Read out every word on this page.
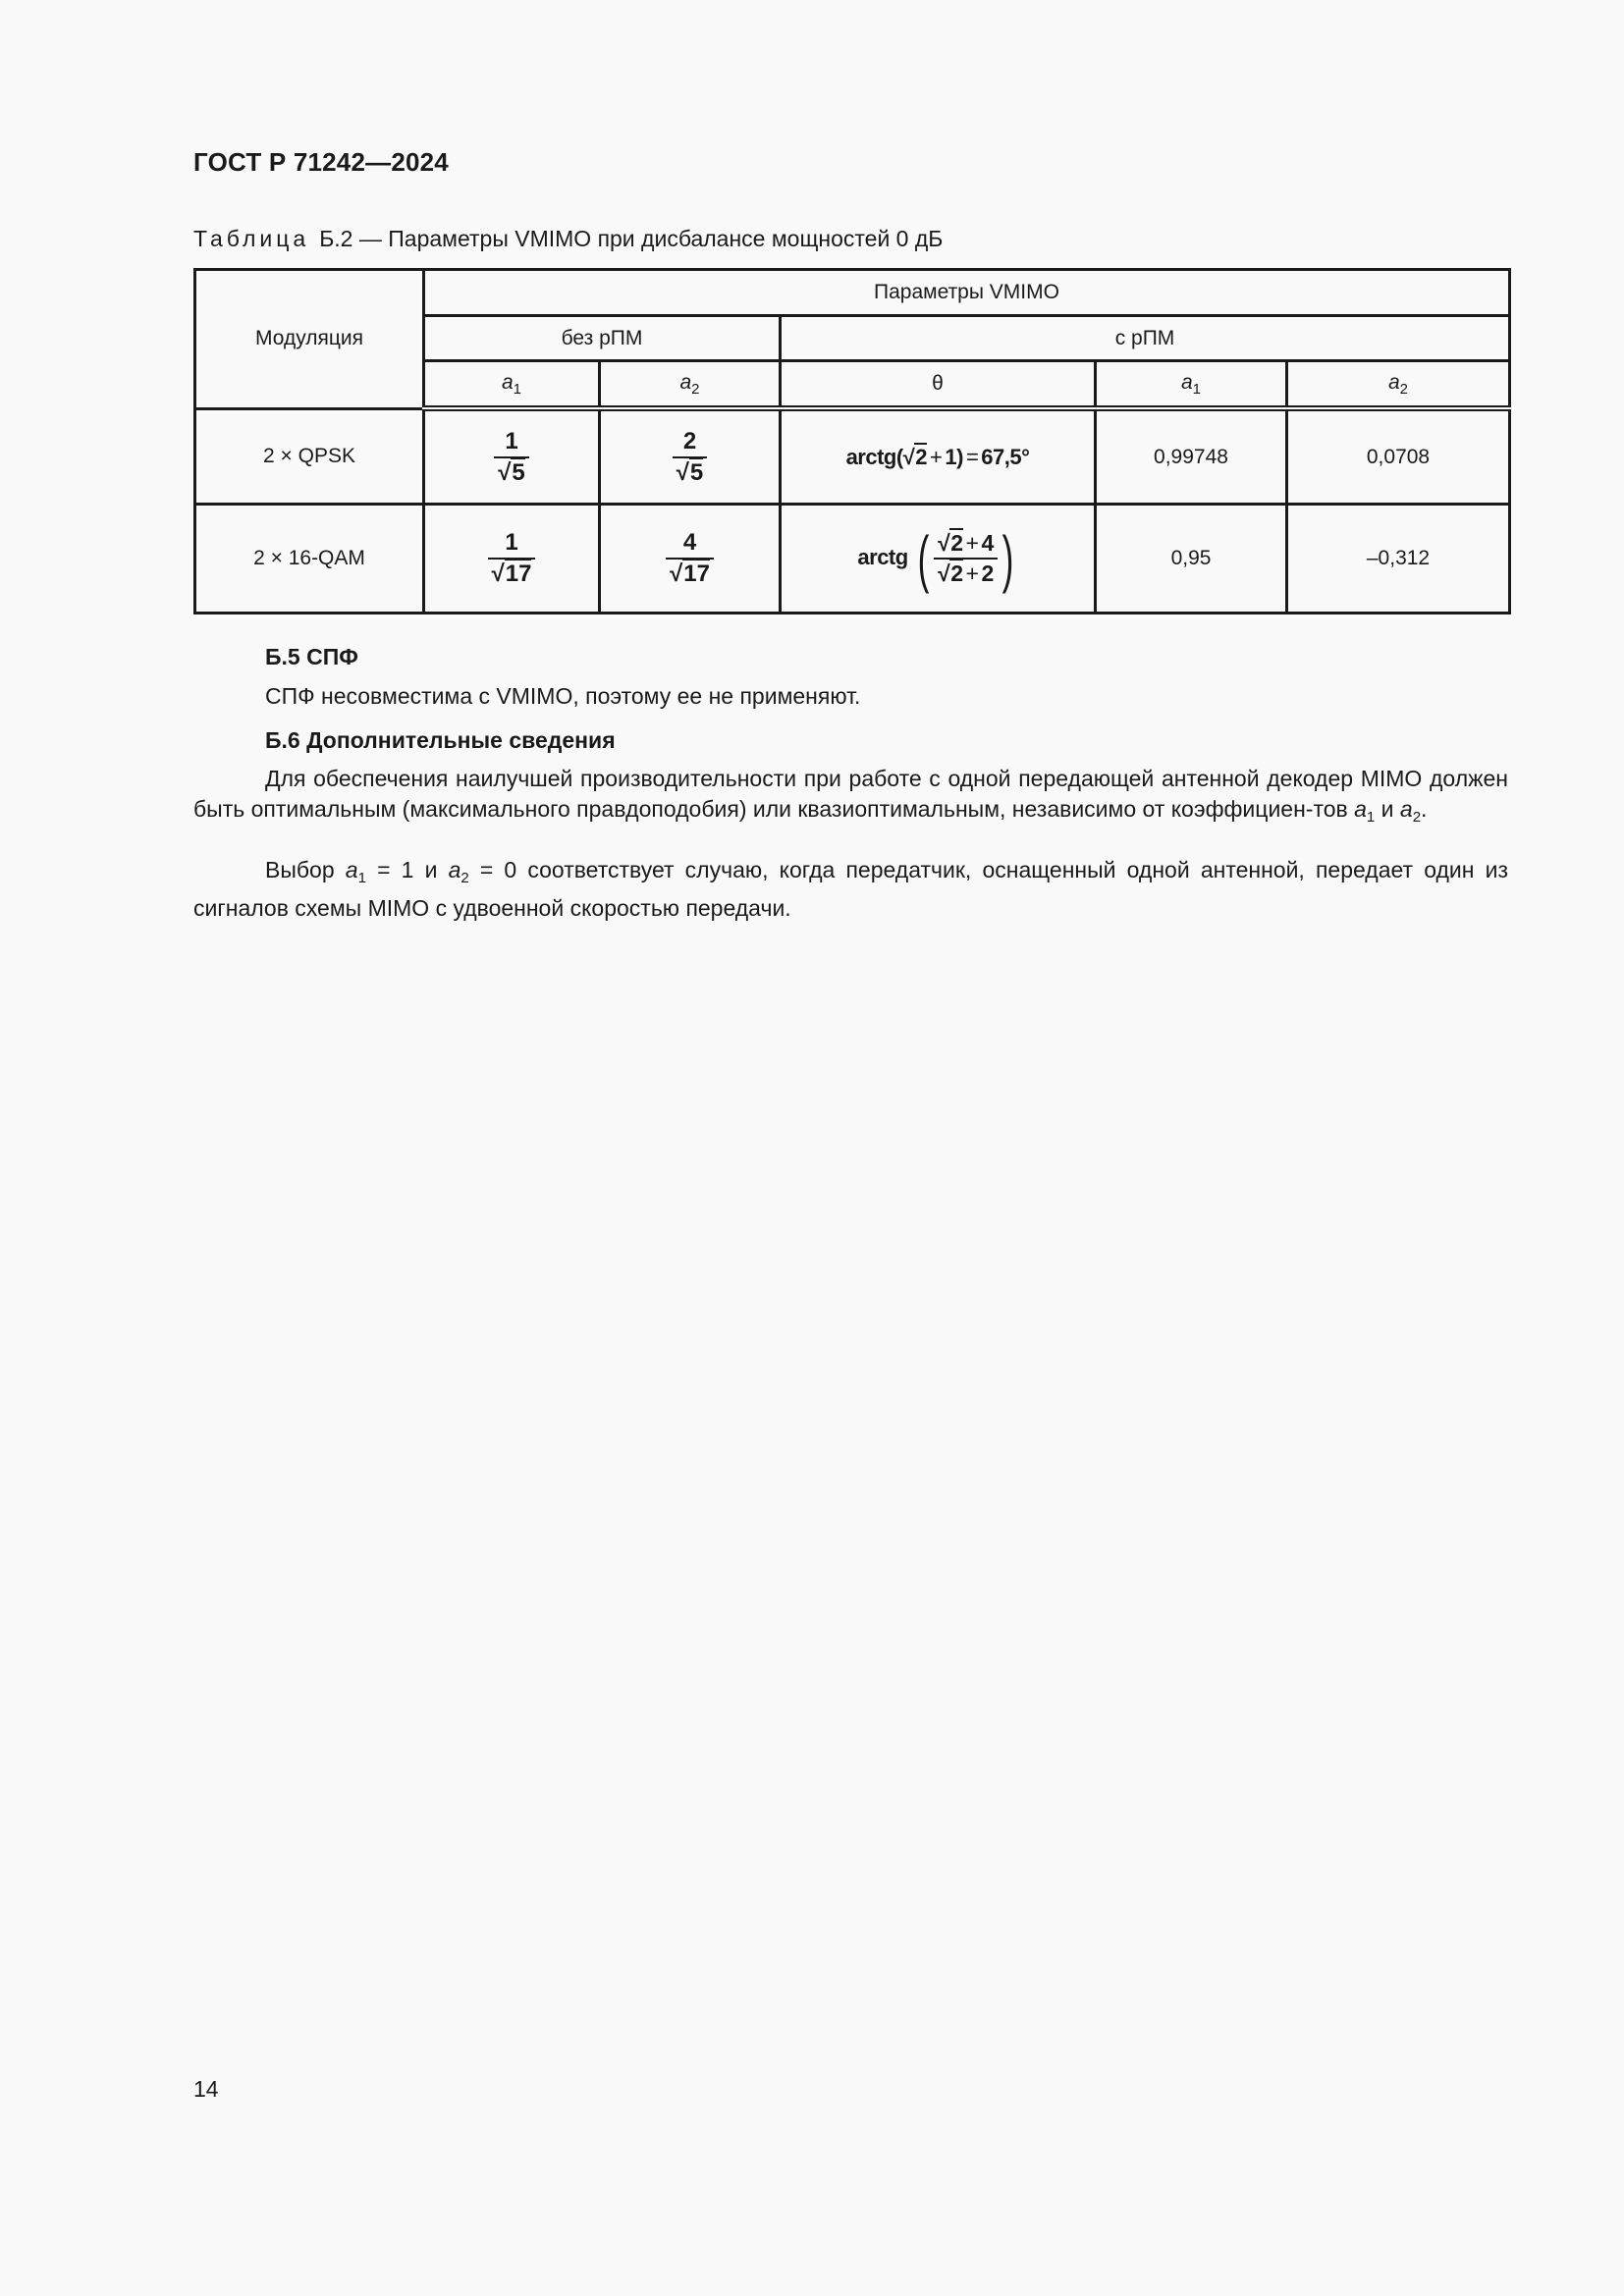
ГОСТ Р 71242—2024
Таблица Б.2 — Параметры VMIMO при дисбалансе мощностей 0 дБ
Модуляция	Параметры VMIMO				
	без рПМ		с рПМ		
	$a_1$	$a_2$	θ	$a_1$	$a_2$
2 × QPSK	$\frac{1}{√5}$	$\frac{2}{√5}$	arctg(√2 + 1) = 67,5°	0,99748	0,0708
2 × 16-QAM	$\frac{1}{√17}$	$\frac{4}{√17}$	arctg ( $\frac{√2 + 4}{√2 + 2}$ )	0,95	–0,312
Б.5 СПФ
СПФ несовместима с VMIMO, поэтому ее не применяют.
Б.6 Дополнительные сведения
Для обеспечения наилучшей производительности при работе с одной передающей антенной декодер MIMO должен быть оптимальным (максимального правдоподобия) или квазиоптимальным, независимо от коэффициен-тов $a_1$ и $a_2$.
Выбор $a_1 = 1$ и $a_2 = 0$ соответствует случаю, когда передатчик, оснащенный одной антенной, передает один из сигналов схемы MIMO с удвоенной скоростью передачи.
14
